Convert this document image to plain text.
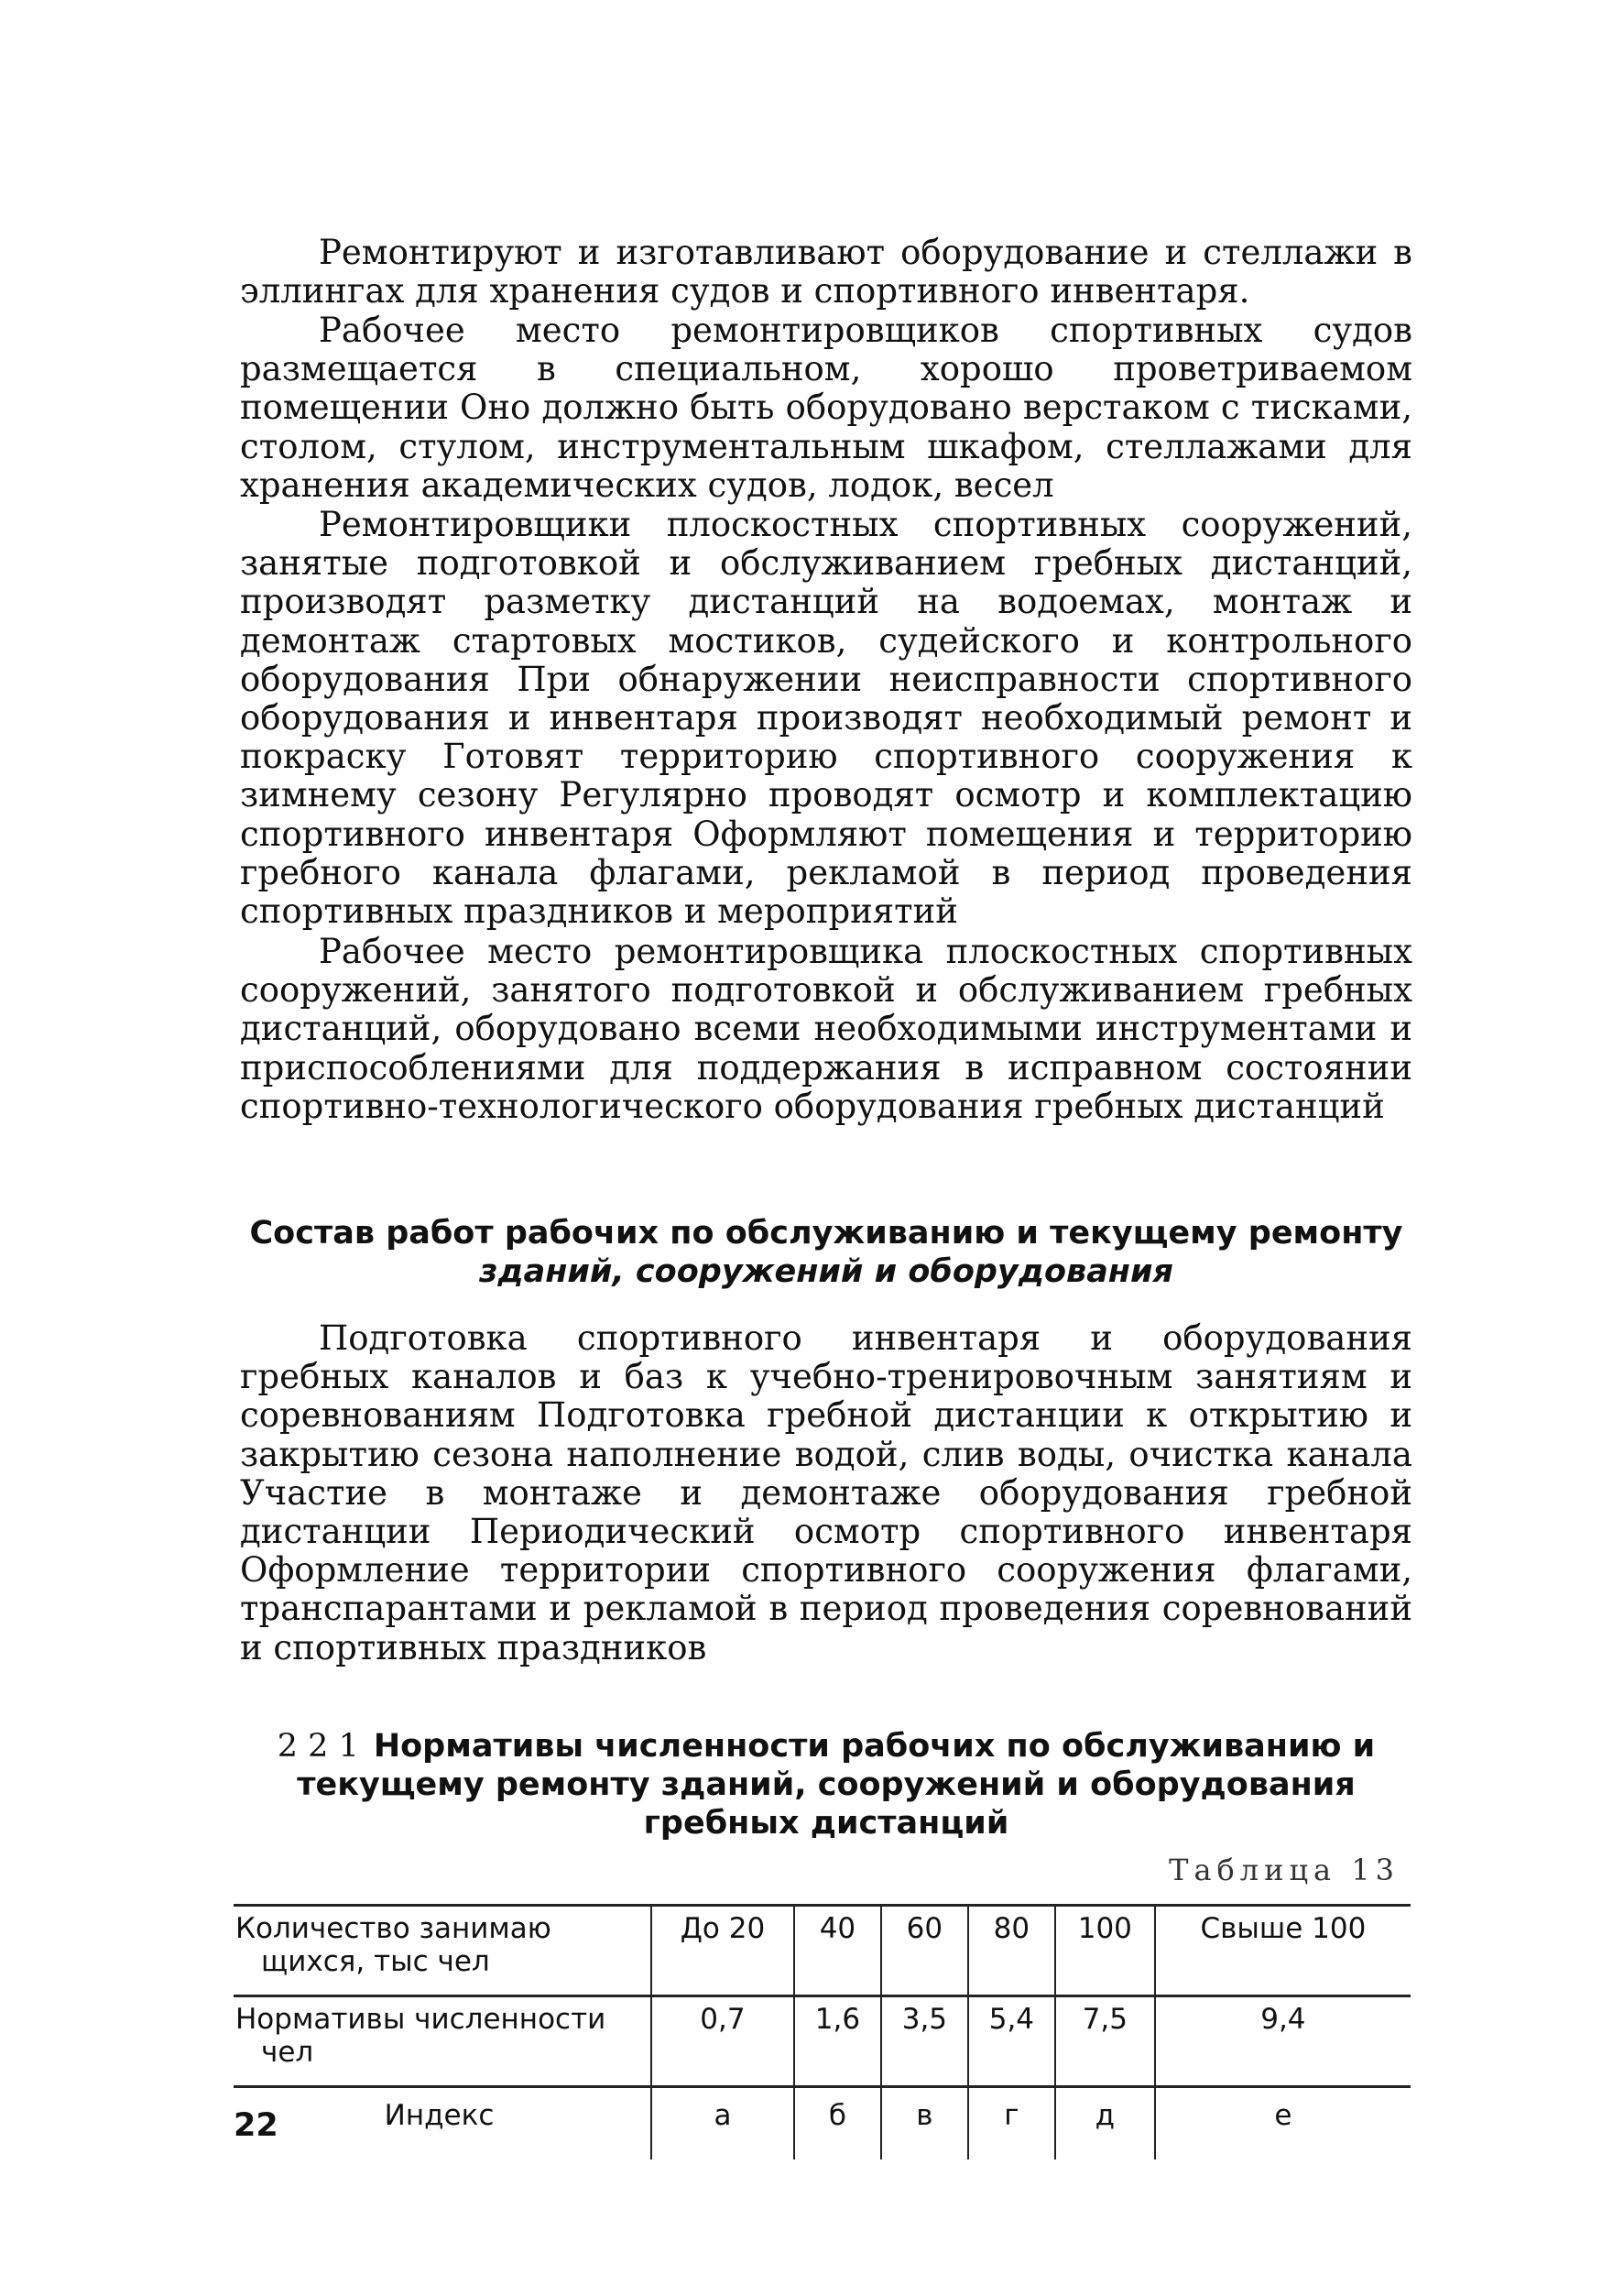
Ремонтируют и изготавливают оборудование и стеллажи в эллингах для хранения судов и спортивного инвентаря.

Рабочее место ремонтировщиков спортивных судов размещается в специальном, хорошо проветриваемом помещении Оно должно быть оборудовано верстаком с тисками, столом, стулом, инструментальным шкафом, стеллажами для хранения академических судов, лодок, весел

Ремонтировщики плоскостных спортивных сооружений, занятые подготовкой и обслуживанием гребных дистанций, производят разметку дистанций на водоемах, монтаж и демонтаж стартовых мостиков, судейского и контрольного оборудования При обнаружении неисправности спортивного оборудования и инвентаря производят необходимый ремонт и покраску Готовят территорию спортивного сооружения к зимнему сезону Регулярно проводят осмотр и комплектацию спортивного инвентаря Оформляют помещения и территорию гребного канала флагами, рекламой в период проведения спортивных праздников и мероприятий

Рабочее место ремонтировщика плоскостных спортивных сооружений, занятого подготовкой и обслуживанием гребных дистанций, оборудовано всеми необходимыми инструментами и приспособлениями для поддержания в исправном состоянии спортивно-технологического оборудования гребных дистанций

Состав работ рабочих по обслуживанию и текущему ремонту
зданий, сооружений и оборудования

Подготовка спортивного инвентаря и оборудования гребных каналов и баз к учебно-тренировочным занятиям и соревнованиям Подготовка гребной дистанции к открытию и закрытию сезона наполнение водой, слив воды, очистка канала Участие в монтаже и демонтаже оборудования гребной дистанции Периодический осмотр спортивного инвентаря Оформление территории спортивного сооружения флагами, транспарантами и рекламой в период проведения соревнований и спортивных праздников

2 2 1 Нормативы численности рабочих по обслуживанию и текущему ремонту зданий, сооружений и оборудования гребных дистанций
Таблица 13
Количество занимаю
щихся, тыс чел	До 20	40	60	80	100	Свыше 100
Нормативы численности
чел	0,7	1,6	3,5	5,4	7,5	9,4
Индекс	а	б	в	г	д	е
22
